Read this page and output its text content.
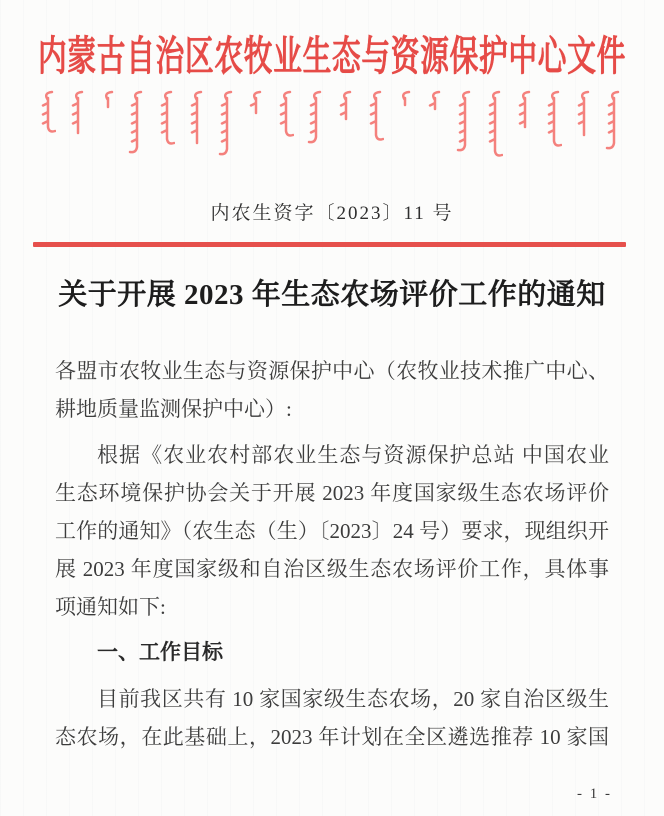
内蒙古自治区农牧业生态与资源保护中心文件
内农生资字〔2023〕11 号
关于开展 2023 年生态农场评价工作的通知
各盟市农牧业生态与资源保护中心（农牧业技术推广中心、
耕地质量监测保护中心）:
根据《农业农村部农业生态与资源保护总站 中国农业
生态环境保护协会关于开展 2023 年度国家级生态农场评价
工作的通知》（农生态（生）〔2023〕24 号）要求，现组织开
展 2023 年度国家级和自治区级生态农场评价工作，具体事
项通知如下:
一、工作目标
目前我区共有 10 家国家级生态农场，20 家自治区级生
态农场，在此基础上，2023 年计划在全区遴选推荐 10 家国
- 1 -
